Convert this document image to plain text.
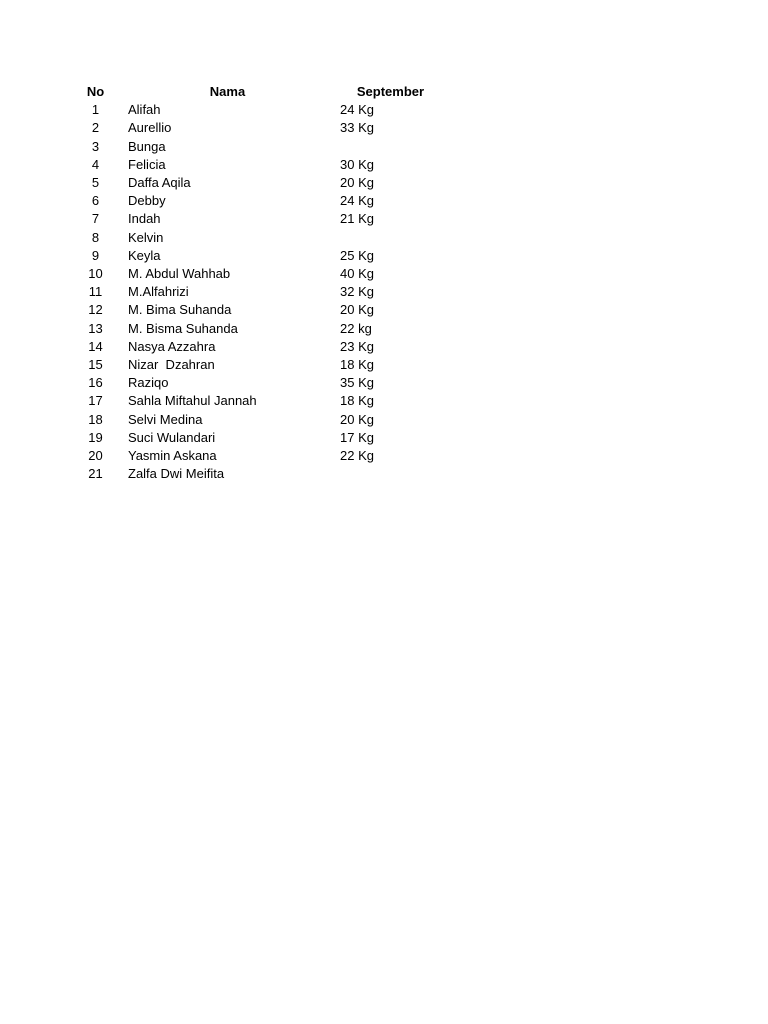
No	Nama	September
1	Alifah	24 Kg
2	Aurellio	33 Kg
3	Bunga	
4	Felicia	30 Kg
5	Daffa Aqila	20 Kg
6	Debby	24 Kg
7	Indah	21 Kg
8	Kelvin	
9	Keyla	25 Kg
10	M. Abdul Wahhab	40 Kg
11	M.Alfahrizi	32 Kg
12	M. Bima Suhanda	20 Kg
13	M. Bisma Suhanda	22 kg
14	Nasya Azzahra	23 Kg
15	Nizar  Dzahran	18 Kg
16	Raziqo	35 Kg
17	Sahla Miftahul Jannah	18 Kg
18	Selvi Medina	20 Kg
19	Suci Wulandari	17 Kg
20	Yasmin Askana	22 Kg
21	Zalfa Dwi Meifita	
